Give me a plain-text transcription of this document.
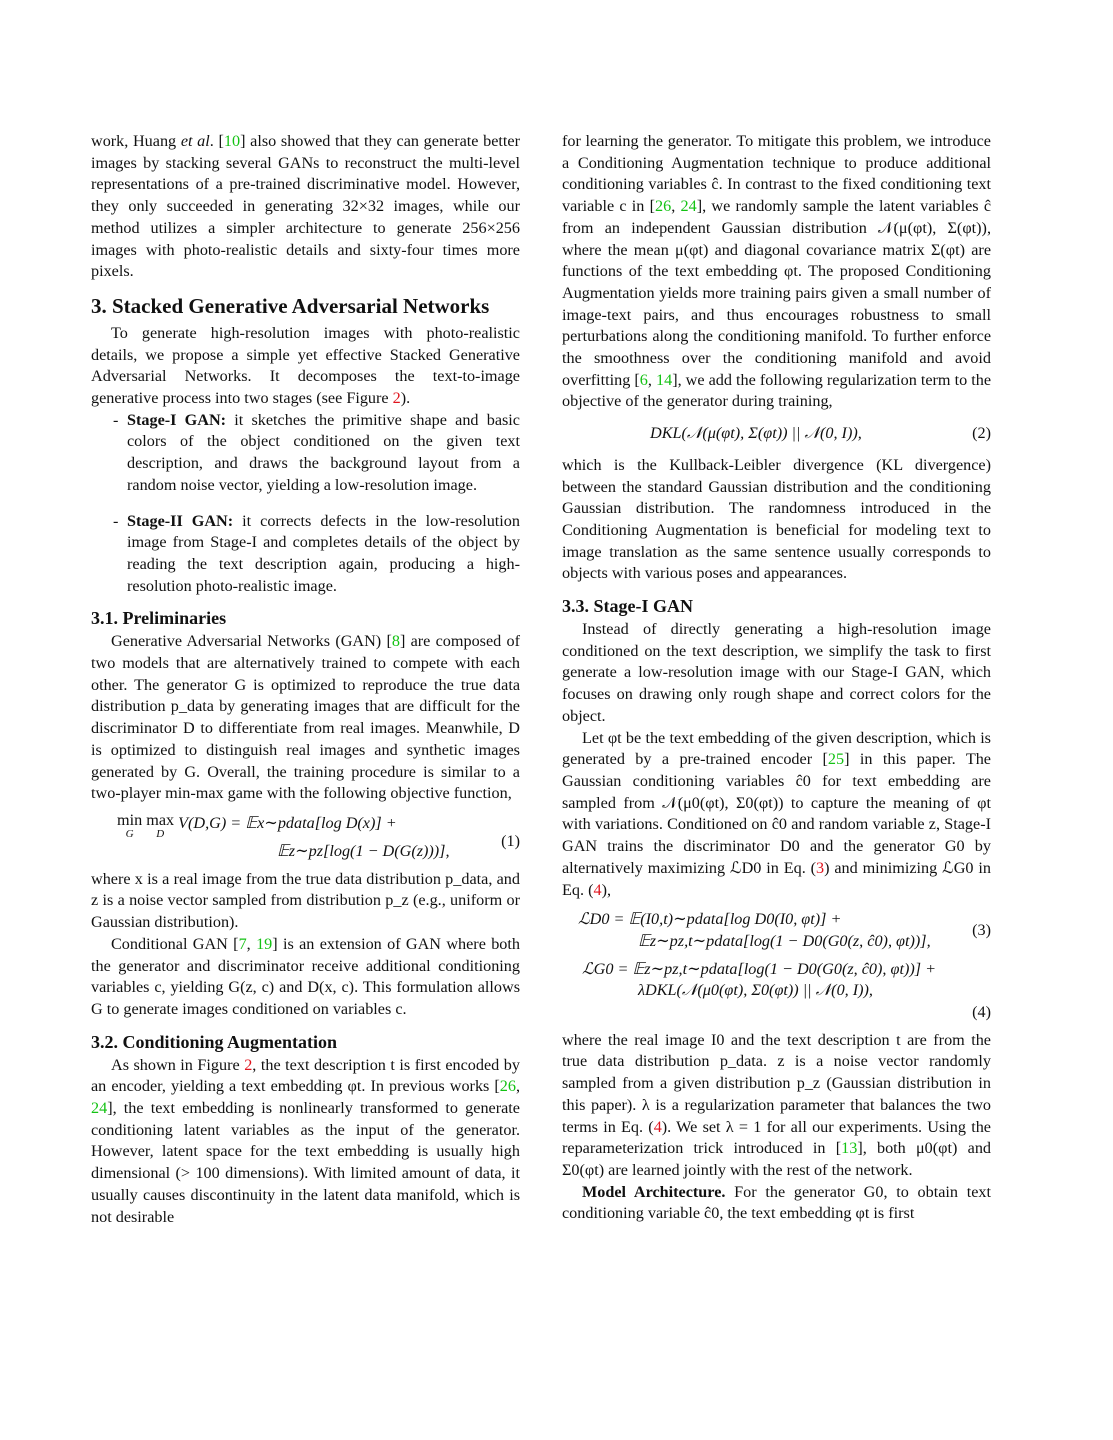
work, Huang et al. [10] also showed that they can generate better images by stacking several GANs to reconstruct the multi-level representations of a pre-trained discriminative model. However, they only succeeded in generating 32×32 images, while our method utilizes a simpler architecture to generate 256×256 images with photo-realistic details and sixty-four times more pixels.

3. Stacked Generative Adversarial Networks

To generate high-resolution images with photo-realistic details, we propose a simple yet effective Stacked Generative Adversarial Networks. It decomposes the text-to-image generative process into two stages (see Figure 2).

- Stage-I GAN: it sketches the primitive shape and basic colors of the object conditioned on the given text description, and draws the background layout from a random noise vector, yielding a low-resolution image.

- Stage-II GAN: it corrects defects in the low-resolution image from Stage-I and completes details of the object by reading the text description again, producing a high-resolution photo-realistic image.

3.1. Preliminaries

Generative Adversarial Networks (GAN) [8] are composed of two models that are alternatively trained to compete with each other. The generator G is optimized to reproduce the true data distribution p_data by generating images that are difficult for the discriminator D to differentiate from real images. Meanwhile, D is optimized to distinguish real images and synthetic images generated by G. Overall, the training procedure is similar to a two-player min-max game with the following objective function,

min
G
max
D
V(D,G) = 𝔼x∼pdata[log D(x)] +
𝔼z∼pz[log(1 − D(G(z)))],
(1)

where x is a real image from the true data distribution p_data, and z is a noise vector sampled from distribution p_z (e.g., uniform or Gaussian distribution).

Conditional GAN [7, 19] is an extension of GAN where both the generator and discriminator receive additional conditioning variables c, yielding G(z, c) and D(x, c). This formulation allows G to generate images conditioned on variables c.

3.2. Conditioning Augmentation

As shown in Figure 2, the text description t is first encoded by an encoder, yielding a text embedding φt. In previous works [26, 24], the text embedding is nonlinearly transformed to generate conditioning latent variables as the input of the generator. However, latent space for the text embedding is usually high dimensional (> 100 dimensions). With limited amount of data, it usually causes discontinuity in the latent data manifold, which is not desirable

for learning the generator. To mitigate this problem, we introduce a Conditioning Augmentation technique to produce additional conditioning variables ĉ. In contrast to the fixed conditioning text variable c in [26, 24], we randomly sample the latent variables ĉ from an independent Gaussian distribution 𝒩(μ(φt), Σ(φt)), where the mean μ(φt) and diagonal covariance matrix Σ(φt) are functions of the text embedding φt. The proposed Conditioning Augmentation yields more training pairs given a small number of image-text pairs, and thus encourages robustness to small perturbations along the conditioning manifold. To further enforce the smoothness over the conditioning manifold and avoid overfitting [6, 14], we add the following regularization term to the objective of the generator during training,

DKL(𝒩(μ(φt), Σ(φt)) || 𝒩(0, I)),	(2)

which is the Kullback-Leibler divergence (KL divergence) between the standard Gaussian distribution and the conditioning Gaussian distribution. The randomness introduced in the Conditioning Augmentation is beneficial for modeling text to image translation as the same sentence usually corresponds to objects with various poses and appearances.

3.3. Stage-I GAN

Instead of directly generating a high-resolution image conditioned on the text description, we simplify the task to first generate a low-resolution image with our Stage-I GAN, which focuses on drawing only rough shape and correct colors for the object.

Let φt be the text embedding of the given description, which is generated by a pre-trained encoder [25] in this paper. The Gaussian conditioning variables ĉ0 for text embedding are sampled from 𝒩(μ0(φt), Σ0(φt)) to capture the meaning of φt with variations. Conditioned on ĉ0 and random variable z, Stage-I GAN trains the discriminator D0 and the generator G0 by alternatively maximizing ℒD0 in Eq. (3) and minimizing ℒG0 in Eq. (4),

ℒD0 = 𝔼(I0,t)∼pdata[log D0(I0, φt)] +
𝔼z∼pz,t∼pdata[log(1 − D0(G0(z, ĉ0), φt))],
(3)
ℒG0 = 𝔼z∼pz,t∼pdata[log(1 − D0(G0(z, ĉ0), φt))] +
λDKL(𝒩(μ0(φt), Σ0(φt)) || 𝒩(0, I)),
(4)

where the real image I0 and the text description t are from the true data distribution p_data. z is a noise vector randomly sampled from a given distribution p_z (Gaussian distribution in this paper). λ is a regularization parameter that balances the two terms in Eq. (4). We set λ = 1 for all our experiments. Using the reparameterization trick introduced in [13], both μ0(φt) and Σ0(φt) are learned jointly with the rest of the network.

Model Architecture. For the generator G0, to obtain text conditioning variable ĉ0, the text embedding φt is first
